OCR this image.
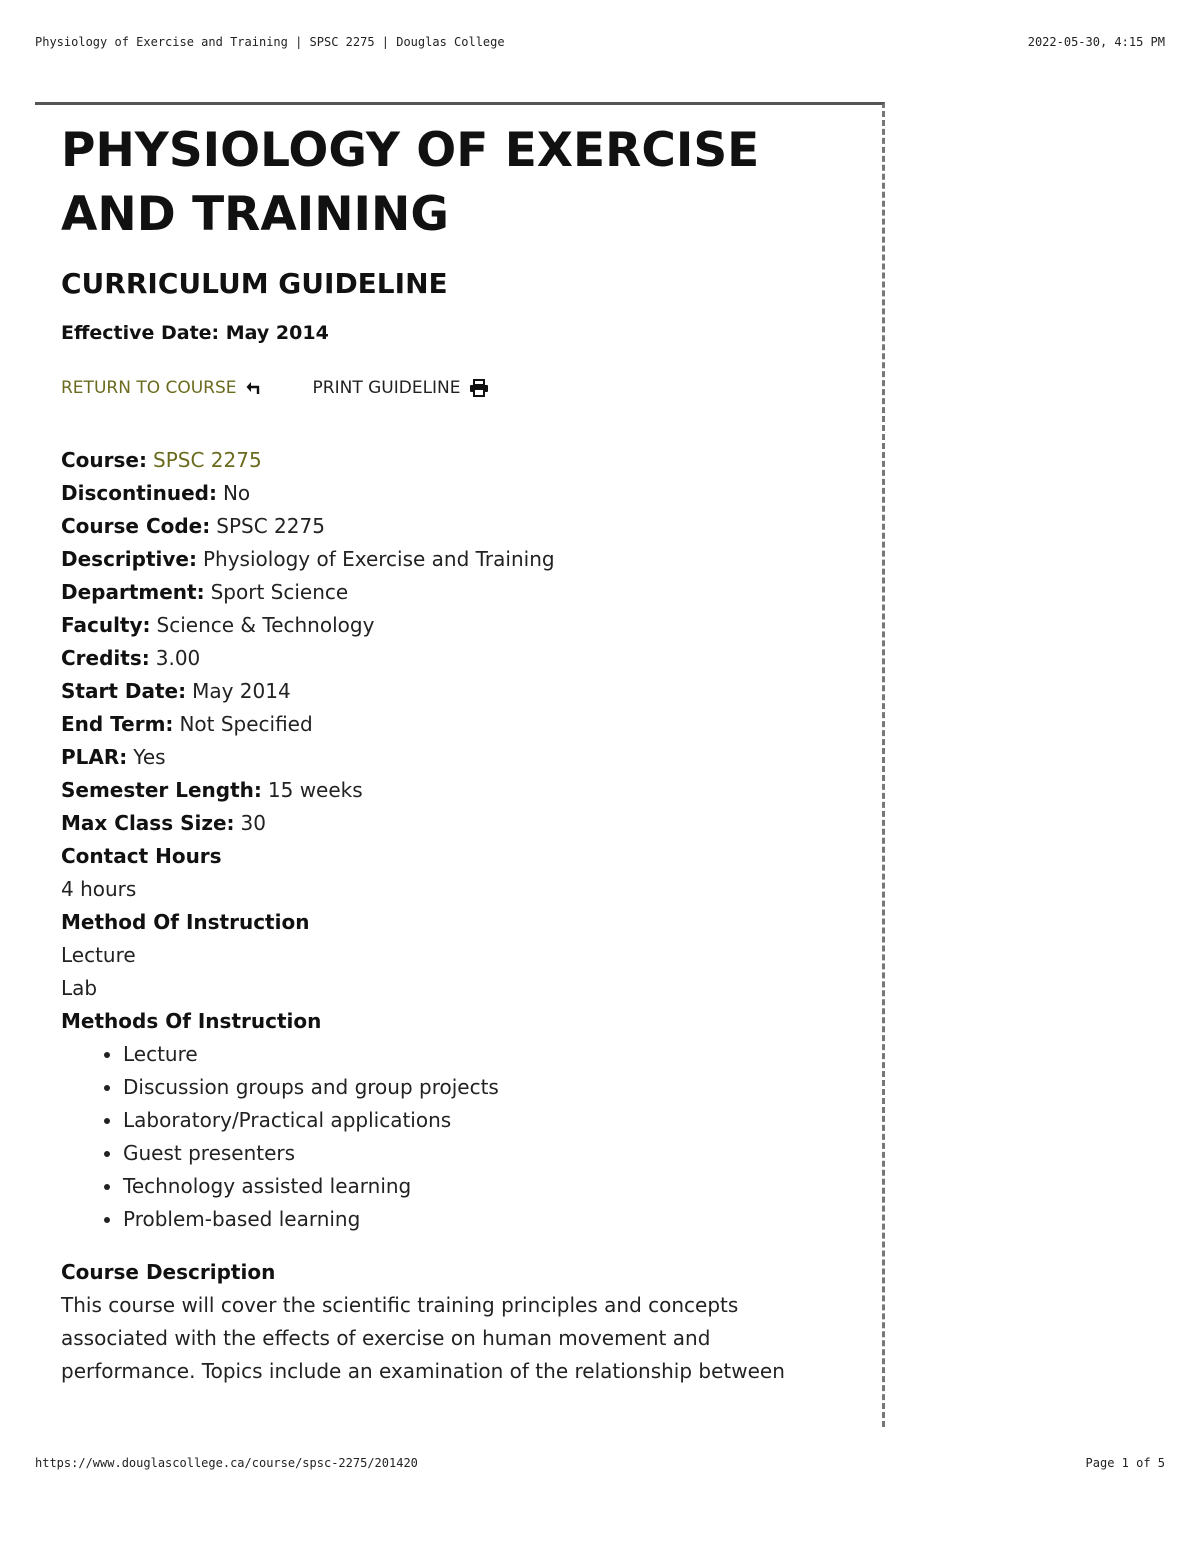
Physiology of Exercise and Training | SPSC 2275 | Douglas College	2022-05-30, 4:15 PM
PHYSIOLOGY OF EXERCISE AND TRAINING
CURRICULUM GUIDELINE
Effective Date: May 2014
RETURN TO COURSE	PRINT GUIDELINE
Course: SPSC 2275
Discontinued: No
Course Code: SPSC 2275
Descriptive: Physiology of Exercise and Training
Department: Sport Science
Faculty: Science & Technology
Credits: 3.00
Start Date: May 2014
End Term: Not Specified
PLAR: Yes
Semester Length: 15 weeks
Max Class Size: 30
Contact Hours
4 hours
Method Of Instruction
Lecture
Lab
Methods Of Instruction
• Lecture
• Discussion groups and group projects
• Laboratory/Practical applications
• Guest presenters
• Technology assisted learning
• Problem-based learning
Course Description
This course will cover the scientific training principles and concepts
associated with the effects of exercise on human movement and
performance. Topics include an examination of the relationship between
https://www.douglascollege.ca/course/spsc-2275/201420	Page 1 of 5
